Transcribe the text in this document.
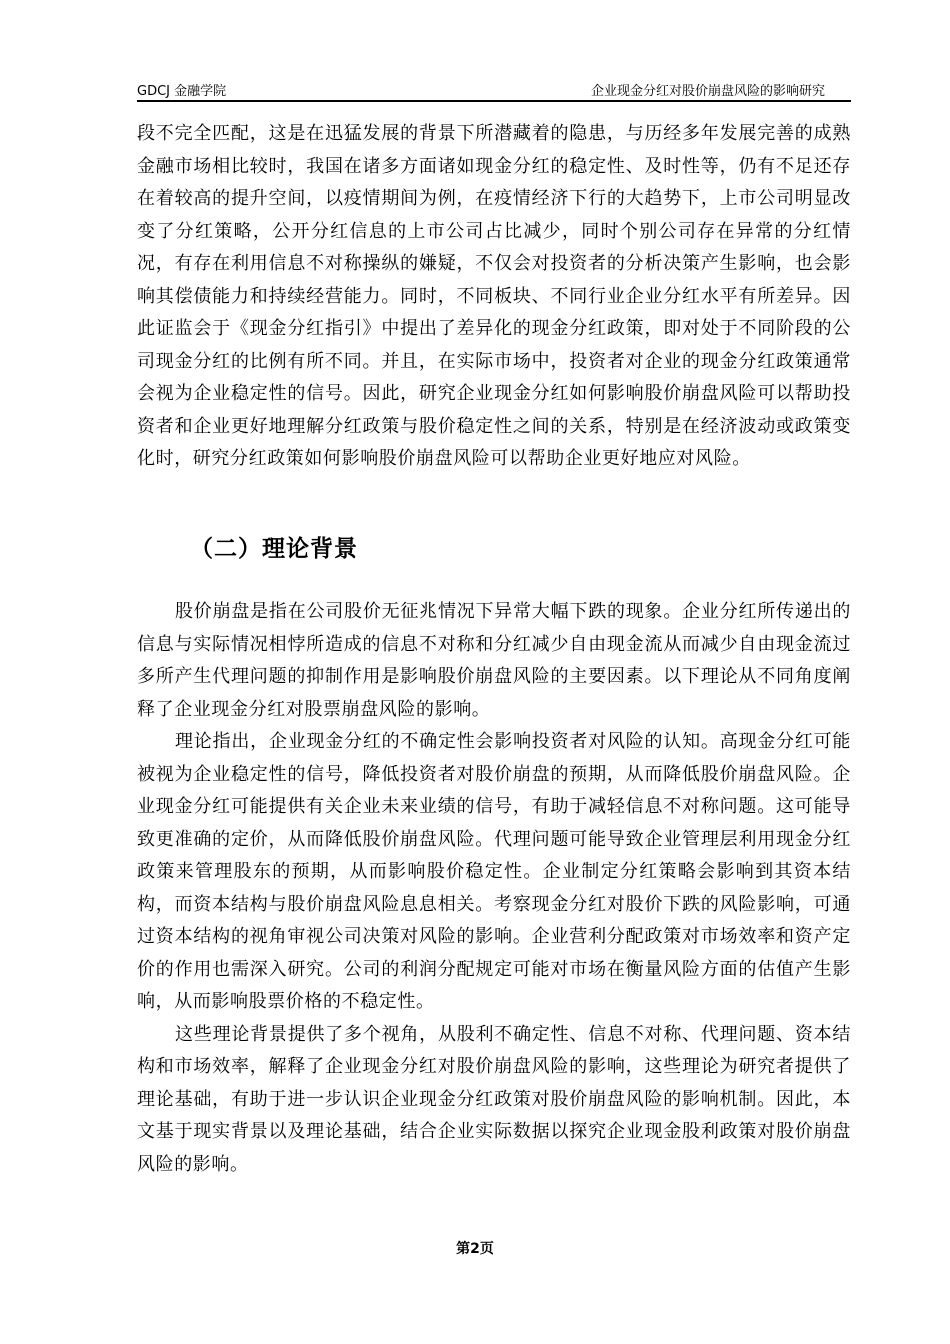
GDCJ 金融学院	企业现金分红对股价崩盘风险的影响研究

段不完全匹配，这是在迅猛发展的背景下所潜藏着的隐患，与历经多年发展完善的成熟金融市场相比较时，我国在诸多方面诸如现金分红的稳定性、及时性等，仍有不足还存在着较高的提升空间，以疫情期间为例，在疫情经济下行的大趋势下，上市公司明显改变了分红策略，公开分红信息的上市公司占比减少，同时个别公司存在异常的分红情况，有存在利用信息不对称操纵的嫌疑，不仅会对投资者的分析决策产生影响，也会影响其偿债能力和持续经营能力。同时，不同板块、不同行业企业分红水平有所差异。因此证监会于《现金分红指引》中提出了差异化的现金分红政策，即对处于不同阶段的公司现金分红的比例有所不同。并且，在实际市场中，投资者对企业的现金分红政策通常会视为企业稳定性的信号。因此，研究企业现金分红如何影响股价崩盘风险可以帮助投资者和企业更好地理解分红政策与股价稳定性之间的关系，特别是在经济波动或政策变化时，研究分红政策如何影响股价崩盘风险可以帮助企业更好地应对风险。

（二）理论背景

股价崩盘是指在公司股价无征兆情况下异常大幅下跌的现象。企业分红所传递出的信息与实际情况相悖所造成的信息不对称和分红减少自由现金流从而减少自由现金流过多所产生代理问题的抑制作用是影响股价崩盘风险的主要因素。以下理论从不同角度阐释了企业现金分红对股票崩盘风险的影响。

理论指出，企业现金分红的不确定性会影响投资者对风险的认知。高现金分红可能被视为企业稳定性的信号，降低投资者对股价崩盘的预期，从而降低股价崩盘风险。企业现金分红可能提供有关企业未来业绩的信号，有助于减轻信息不对称问题。这可能导致更准确的定价，从而降低股价崩盘风险。代理问题可能导致企业管理层利用现金分红政策来管理股东的预期，从而影响股价稳定性。企业制定分红策略会影响到其资本结构，而资本结构与股价崩盘风险息息相关。考察现金分红对股价下跌的风险影响，可通过资本结构的视角审视公司决策对风险的影响。企业营利分配政策对市场效率和资产定价的作用也需深入研究。公司的利润分配规定可能对市场在衡量风险方面的估值产生影响，从而影响股票价格的不稳定性。

这些理论背景提供了多个视角，从股利不确定性、信息不对称、代理问题、资本结构和市场效率，解释了企业现金分红对股价崩盘风险的影响，这些理论为研究者提供了理论基础，有助于进一步认识企业现金分红政策对股价崩盘风险的影响机制。因此，本文基于现实背景以及理论基础，结合企业实际数据以探究企业现金股利政策对股价崩盘风险的影响。

第2页
